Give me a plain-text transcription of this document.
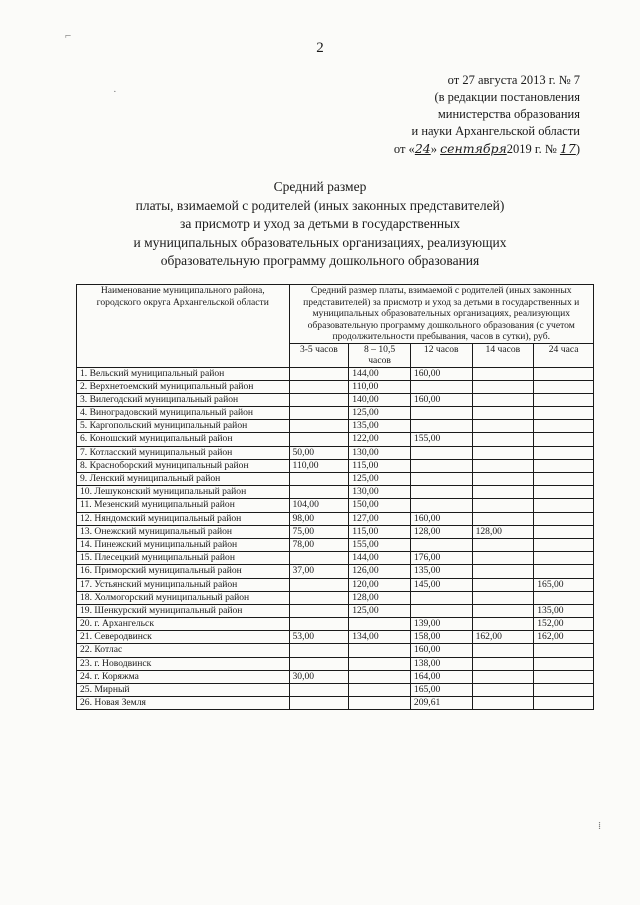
2
от 27 августа 2013 г. № 7
(в редакции постановления
министерства образования
и науки Архангельской области
от «24» сентября2019 г. № 17)
Средний размер
платы, взимаемой с родителей (иных законных представителей)
за присмотр и уход за детьми в государственных
и муниципальных образовательных организациях, реализующих
образовательную программу дошкольного образования
Наименование муниципального района, городского округа Архангельской области	Средний размер платы, взимаемой с родителей (иных законных представителей) за присмотр и уход за детьми в государственных и муниципальных образовательных организациях, реализующих образовательную программу дошкольного образования (с учетом продолжительности пребывания, часов в сутки), руб.				
	3-5 часов	8 – 10,5 часов	12 часов	14 часов	24 часа
1. Вельский муниципальный район		144,00	160,00		
2. Верхнетоемский муниципальный район		110,00			
3. Вилегодский муниципальный район		140,00	160,00		
4. Виноградовский муниципальный район		125,00			
5. Каргопольский муниципальный район		135,00			
6. Коношский муниципальный район		122,00	155,00		
7. Котласский муниципальный район	50,00	130,00			
8. Красноборский муниципальный район	110,00	115,00			
9. Ленский муниципальный район		125,00			
10. Лешуконский муниципальный район		130,00			
11. Мезенский муниципальный район	104,00	150,00			
12. Няндомский муниципальный район	98,00	127,00	160,00		
13. Онежский муниципальный район	75,00	115,00	128,00	128,00	
14. Пинежский муниципальный район	78,00	155,00			
15. Плесецкий муниципальный район		144,00	176,00		
16. Приморский муниципальный район	37,00	126,00	135,00		
17. Устьянский муниципальный район		120,00	145,00		165,00
18. Холмогорский муниципальный район		128,00			
19. Шенкурский муниципальный район		125,00			135,00
20. г. Архангельск			139,00		152,00
21. Северодвинск	53,00	134,00	158,00	162,00	162,00
22. Котлас			160,00		
23. г. Новодвинск			138,00		
24. г. Коряжма	30,00		164,00		
25. Мирный			165,00		
26. Новая Земля			209,61		
⌐
·
⁞
